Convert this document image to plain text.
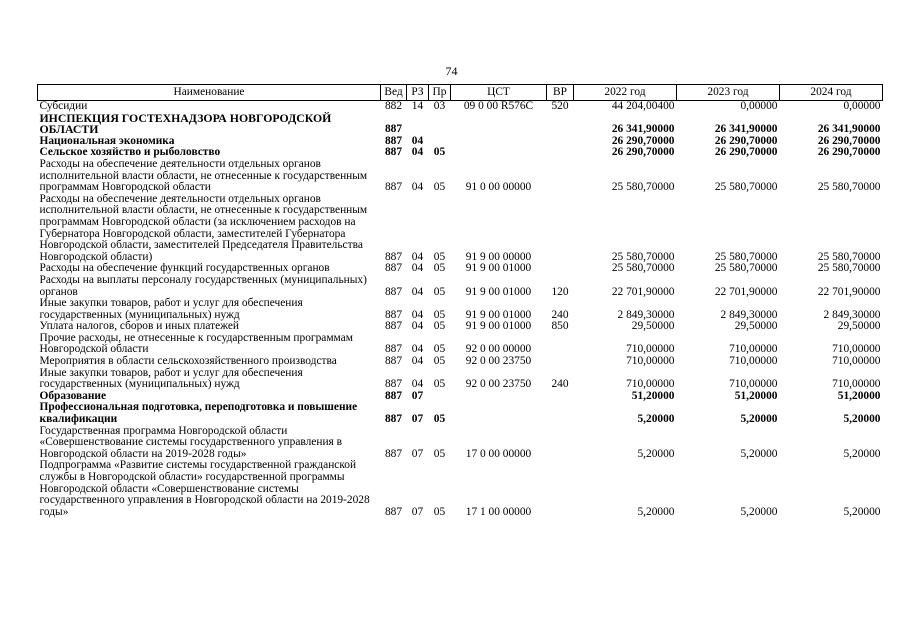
74
Наименование	Вед	РЗ	Пр	ЦСТ	ВР	2022 год	2023 год	2024 год
Субсидии	882	14	03	09 0 00 R576C	520	44 204,00400	0,00000	0,00000
ИНСПЕКЦИЯ ГОСТЕХНАДЗОРА НОВГОРОДСКОЙ ОБЛАСТИ	887					26 341,90000	26 341,90000	26 341,90000
Национальная экономика	887	04				26 290,70000	26 290,70000	26 290,70000
Сельское хозяйство и рыболовство	887	04	05			26 290,70000	26 290,70000	26 290,70000
Расходы на обеспечение деятельности отдельных органов исполнительной власти области, не отнесенные к государственным программам Новгородской области	887	04	05	91 0 00 00000		25 580,70000	25 580,70000	25 580,70000
Расходы на обеспечение деятельности отдельных органов исполнительной власти области, не отнесенные к государственным программам Новгородской области (за исключением расходов на Губернатора Новгородской области, заместителей Губернатора Новгородской области, заместителей Председателя Правительства Новгородской области)	887	04	05	91 9 00 00000		25 580,70000	25 580,70000	25 580,70000
Расходы на обеспечение функций государственных органов	887	04	05	91 9 00 01000		25 580,70000	25 580,70000	25 580,70000
Расходы на выплаты персоналу государственных (муниципальных) органов	887	04	05	91 9 00 01000	120	22 701,90000	22 701,90000	22 701,90000
Иные закупки товаров, работ и услуг для обеспечения государственных (муниципальных) нужд	887	04	05	91 9 00 01000	240	2 849,30000	2 849,30000	2 849,30000
Уплата налогов, сборов и иных платежей	887	04	05	91 9 00 01000	850	29,50000	29,50000	29,50000
Прочие расходы, не отнесенные к государственным программам Новгородской области	887	04	05	92 0 00 00000		710,00000	710,00000	710,00000
Мероприятия в области сельскохозяйственного производства	887	04	05	92 0 00 23750		710,00000	710,00000	710,00000
Иные закупки товаров, работ и услуг для обеспечения государственных (муниципальных) нужд	887	04	05	92 0 00 23750	240	710,00000	710,00000	710,00000
Образование	887	07				51,20000	51,20000	51,20000
Профессиональная подготовка, переподготовка и повышение квалификации	887	07	05			5,20000	5,20000	5,20000
Государственная программа Новгородской области «Совершенствование системы государственного управления в Новгородской области на 2019-2028 годы»	887	07	05	17 0 00 00000		5,20000	5,20000	5,20000
Подпрограмма «Развитие системы государственной гражданской службы в Новгородской области» государственной программы Новгородской области «Совершенствование системы государственного управления в Новгородской области на 2019-2028 годы»	887	07	05	17 1 00 00000		5,20000	5,20000	5,20000
